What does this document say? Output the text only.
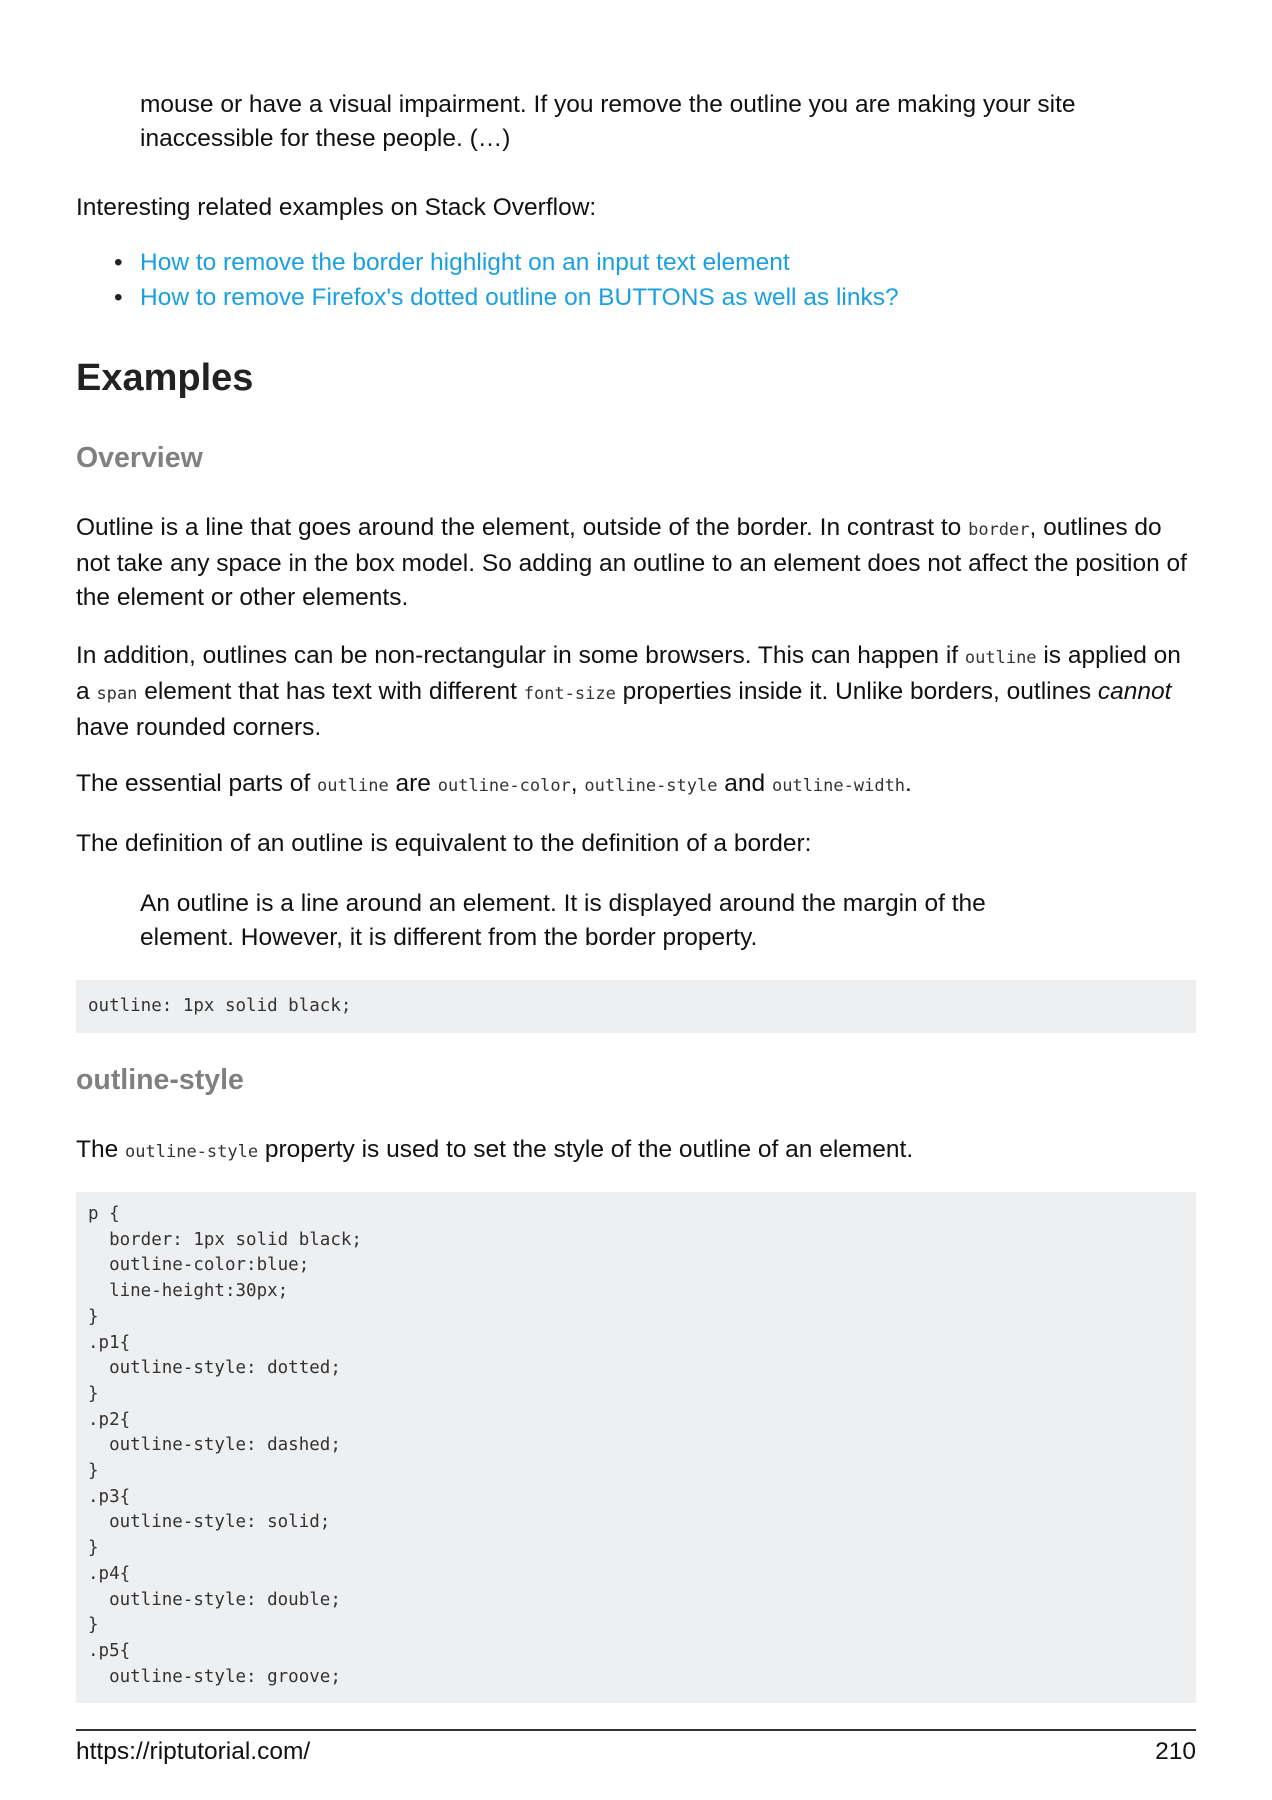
mouse or have a visual impairment. If you remove the outline you are making your site
inaccessible for these people. (…)

Interesting related examples on Stack Overflow:

• How to remove the border highlight on an input text element
• How to remove Firefox's dotted outline on BUTTONS as well as links?
Examples
Overview

Outline is a line that goes around the element, outside of the border. In contrast to border, outlines do not take any space in the box model. So adding an outline to an element does not affect the position of the element or other elements.

In addition, outlines can be non-rectangular in some browsers. This can happen if outline is applied on a span element that has text with different font-size properties inside it. Unlike borders, outlines cannot have rounded corners.

The essential parts of outline are outline-color, outline-style and outline-width.

The definition of an outline is equivalent to the definition of a border:

An outline is a line around an element. It is displayed around the margin of the
element. However, it is different from the border property.
outline: 1px solid black;
outline-style

The outline-style property is used to set the style of the outline of an element.

p {
border: 1px solid black;
outline-color:blue;
line-height:30px;
}
.p1{
outline-style: dotted;
}
.p2{
outline-style: dashed;
}
.p3{
outline-style: solid;
}
.p4{
outline-style: double;
}
.p5{
outline-style: groove;
https://riptutorial.com/	210
